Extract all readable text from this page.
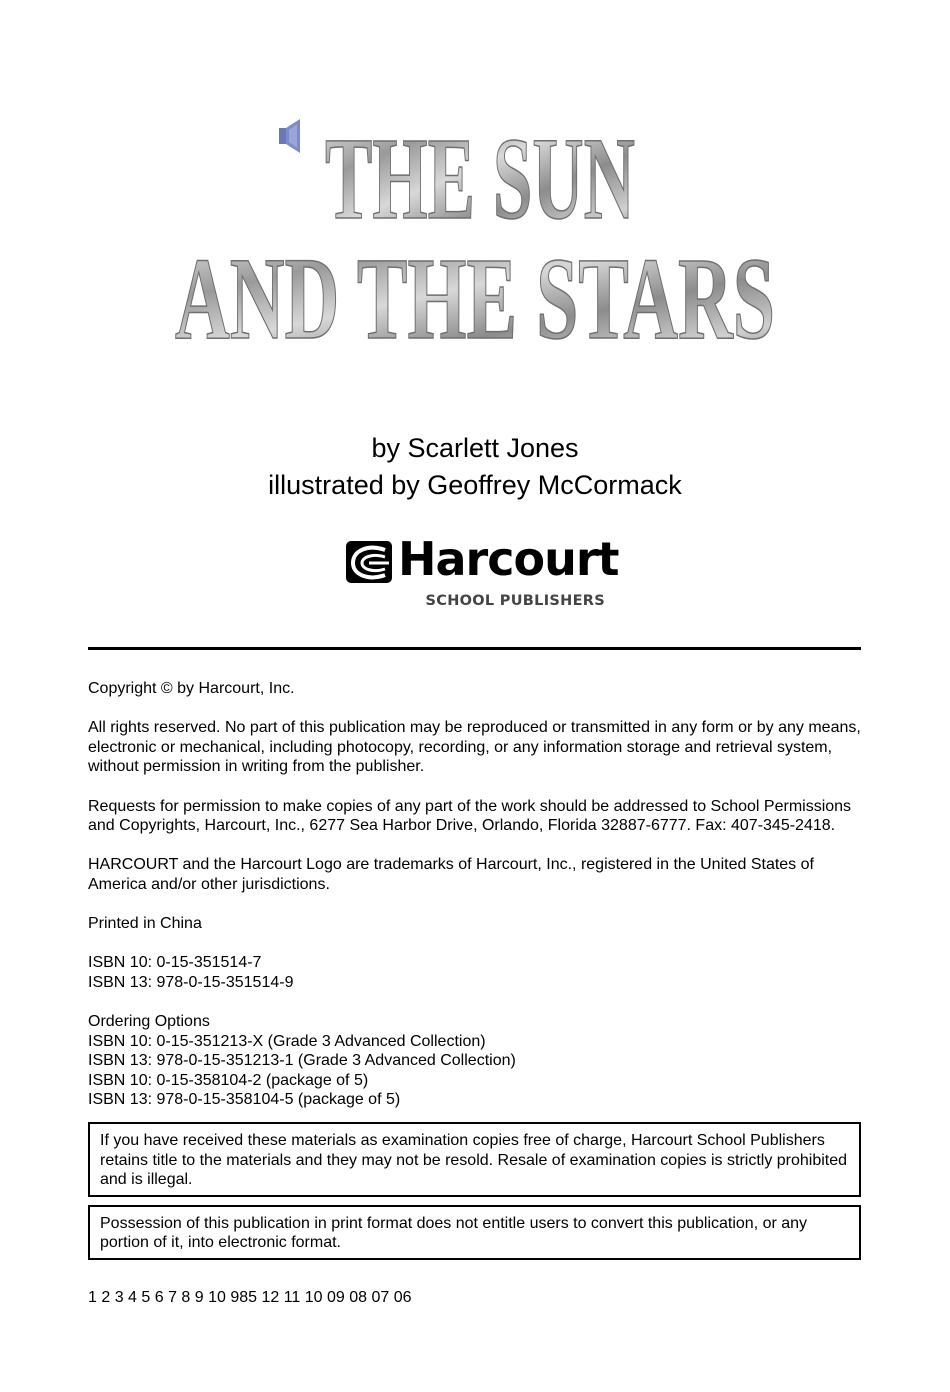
THE SUN
AND THE STARS
by Scarlett Jones
illustrated by Geoffrey McCormack
Harcourt
SCHOOL PUBLISHERS

Copyright © by Harcourt, Inc.

All rights reserved. No part of this publication may be reproduced or transmitted in any form or by any means, electronic or mechanical, including photocopy, recording, or any information storage and retrieval system, without permission in writing from the publisher.

Requests for permission to make copies of any part of the work should be addressed to School Permissions and Copyrights, Harcourt, Inc., 6277 Sea Harbor Drive, Orlando, Florida 32887-6777. Fax: 407-345-2418.

HARCOURT and the Harcourt Logo are trademarks of Harcourt, Inc., registered in the United States of America and/or other jurisdictions.

Printed in China

ISBN 10: 0-15-351514-7
ISBN 13: 978-0-15-351514-9

Ordering Options
ISBN 10: 0-15-351213-X (Grade 3 Advanced Collection)
ISBN 13: 978-0-15-351213-1 (Grade 3 Advanced Collection)
ISBN 10: 0-15-358104-2 (package of 5)
ISBN 13: 978-0-15-358104-5 (package of 5)

If you have received these materials as examination copies free of charge, Harcourt School Publishers retains title to the materials and they may not be resold. Resale of examination copies is strictly prohibited and is illegal.
Possession of this publication in print format does not entitle users to convert this publication, or any portion of it, into electronic format.
1 2 3 4 5 6 7 8 9 10 985 12 11 10 09 08 07 06
